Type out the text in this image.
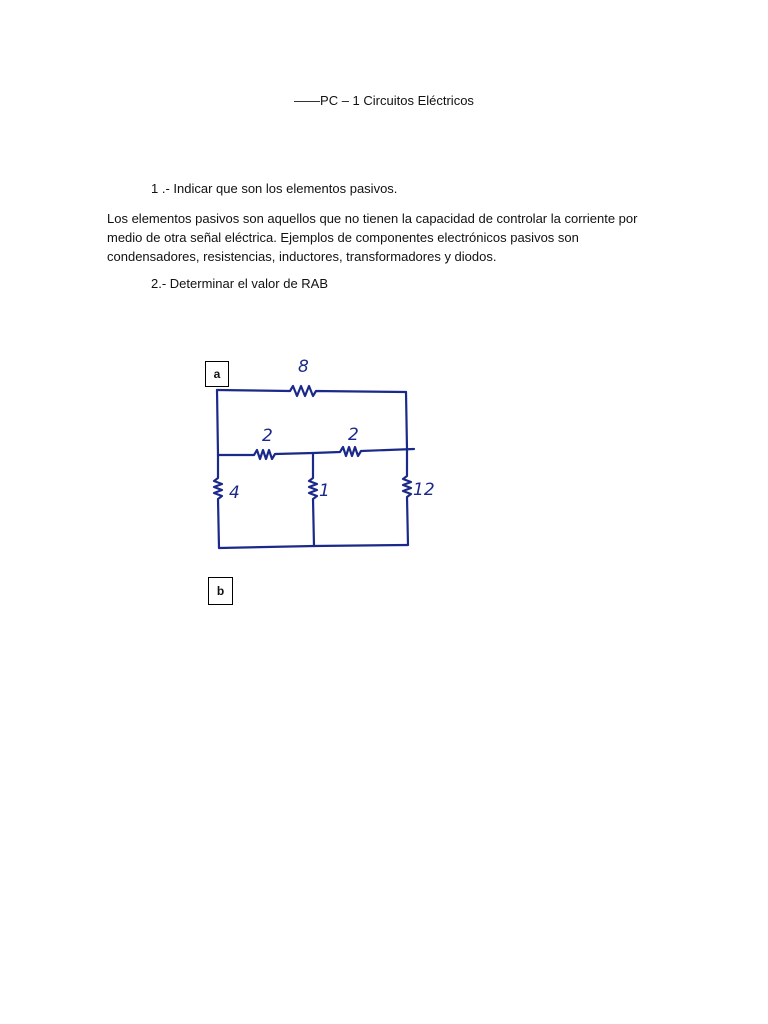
——PC – 1 Circuitos Eléctricos
1 .- Indicar que son los elementos pasivos.
Los elementos pasivos son aquellos que no tienen la capacidad de controlar la corriente por medio de otra señal eléctrica. Ejemplos de componentes electrónicos pasivos son condensadores, resistencias, inductores, transformadores y diodos.
2.- Determinar el valor de RAB
8
2	2
4	1	12
a
b
